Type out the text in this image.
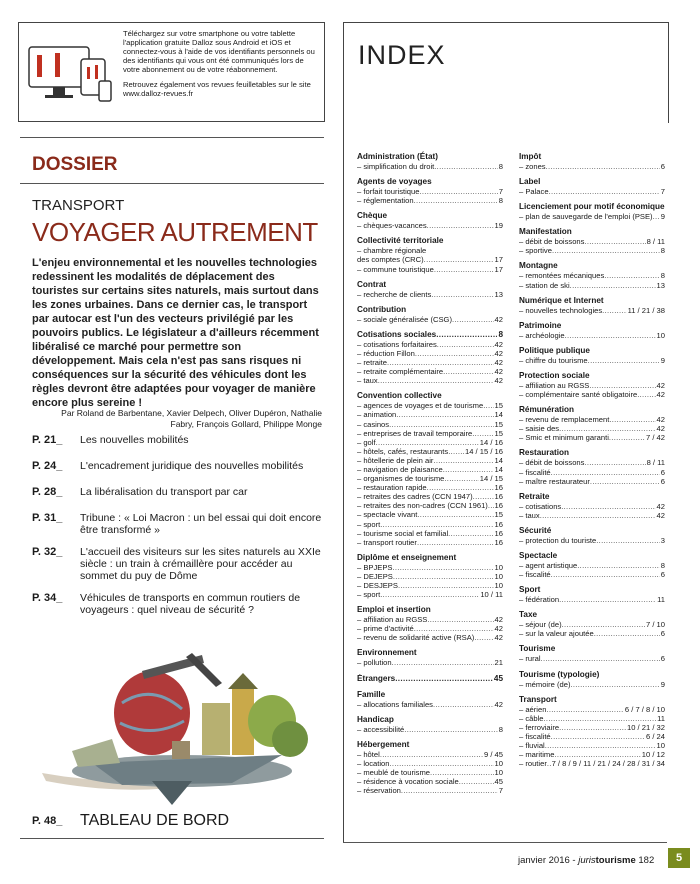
Téléchargez sur votre smartphone ou votre tablette l'application gratuite Dalloz sous Android et iOS et connectez-vous à l'aide de vos identifiants personnels ou des identifiants qui vous ont été communiqués lors de votre abonnement ou de votre réabonnement.

Retrouvez également vos revues feuilletables sur le site www.dalloz-revues.fr

INDEX
DOSSIER
TRANSPORT
VOYAGER AUTREMENT
L'enjeu environnemental et les nouvelles technologies redessinent les modalités de déplacement des touristes sur certains sites naturels, mais surtout dans les zones urbaines. Dans ce dernier cas, le transport par autocar est l'un des vecteurs privilégié par les pouvoirs publics. Le législateur a d'ailleurs récemment libéralisé ce marché pour permettre son développement. Mais cela n'est pas sans risques ni conséquences sur la sécurité des véhicules dont les règles devront être adaptées pour voyager de manière encore plus sereine !
Par Roland de Barbentane, Xavier Delpech, Oliver Dupéron, Nathalie Fabry, François Gollard, Philippe Monge
P. 21_ Les nouvelles mobilités
P. 24_ L'encadrement juridique des nouvelles mobilités
P. 28_ La libéralisation du transport par car
P. 31_ Tribune : « Loi Macron : un bel essai qui doit encore être transformé »
P. 32_ L'accueil des visiteurs sur les sites naturels au XXIe siècle : un train à crémaillère pour accéder au sommet du puy de Dôme
P. 34_ Véhicules de transports en commun routiers de voyageurs : quel niveau de sécurité ?
P. 48_ TABLEAU DE BORD
Administration (État)
– simplification du droit .....	8
Agents de voyages
– forfait touristique .....	7
– réglementation .....	8
Chèque
– chèques-vacances .....	19
Collectivité territoriale
– chambre régionale
des comptes (CRC) .....	17
– commune touristique .....	17
Contrat
– recherche de clients .....	13
Contribution
– sociale généralisée (CSG) .....	42
Cotisations sociales .....	8
– cotisations forfaitaires .....	42
– réduction Fillon .....	42
– retraite .....	42
– retraite complémentaire .....	42
– taux .....	42
Convention collective
– agences de voyages et de tourisme ..... 15
– animation .....	14
– casinos .....	15
– entreprises de travail temporaire .....	15
– golf .....	14 / 16
– hôtels, cafés, restaurants ..... 14 / 15 / 16
– hôtellerie de plein air .....	14
– navigation de plaisance .....	14
– organismes de tourisme .....	14 / 15
– restauration rapide .....	16
– retraites des cadres (CCN 1947) .....	16
– retraites des non-cadres (CCN 1961) ..... 16
– spectacle vivant .....	15
– sport .....	16
– tourisme social et familial .....	16
– transport routier .....	16
Diplôme et enseignement
– BPJEPS .....	10
– DEJEPS .....	10
– DESJEPS .....	10
– sport .....	10 / 11
Emploi et insertion
– affiliation au RGSS .....	42
– prime d'activité .....	42
– revenu de solidarité active (RSA) .....	42
Environnement
– pollution .....	21
Étrangers .....	45
Famille
– allocations familiales .....	42
Handicap
– accessibilité .....	8
Hébergement
– hôtel .....	9 / 45
– location .....	10
– meublé de tourisme .....	10
– résidence à vocation sociale .....	45
– réservation .....	7
Impôt
– zones .....	6
Label
– Palace .....	7
Licenciement pour motif économique
– plan de sauvegarde de l'emploi (PSE) ..... 9
Manifestation
– débit de boissons .....	8 / 11
– sportive .....	8
Montagne
– remontées mécaniques .....	8
– station de ski .....	13
Numérique et Internet
– nouvelles technologies .....	11 / 21 / 38
Patrimoine
– archéologie .....	10
Politique publique
– chiffre du tourisme .....	9
Protection sociale
– affiliation au RGSS .....	42
– complémentaire santé obligatoire .....	42
Rémunération
– revenu de remplacement .....	42
– saisie des .....	42
– Smic et minimum garanti .....	7 / 42
Restauration
– débit de boissons .....	8 / 11
– fiscalité .....	6
– maître restaurateur .....	6
Retraite
– cotisations .....	42
– taux .....	42
Sécurité
– protection du touriste .....	3
Spectacle
– agent artistique .....	8
– fiscalité .....	6
Sport
– fédération .....	11
Taxe
– séjour (de) .....	7 / 10
– sur la valeur ajoutée .....	6
Tourisme
– rural .....	6
Tourisme (typologie)
– mémoire (de) .....	9
Transport
– aérien .....	6 / 7 / 8 / 10
– câble .....	11
– ferroviaire .....	10 / 21 / 32
– fiscalité .....	6 / 24
– fluvial .....	10
– maritime .....	10 / 12
– routier ..... 7 / 8 / 9 / 11 / 21 / 24 / 28 / 31 / 34
janvier 2016 - juristourisme 182	5
